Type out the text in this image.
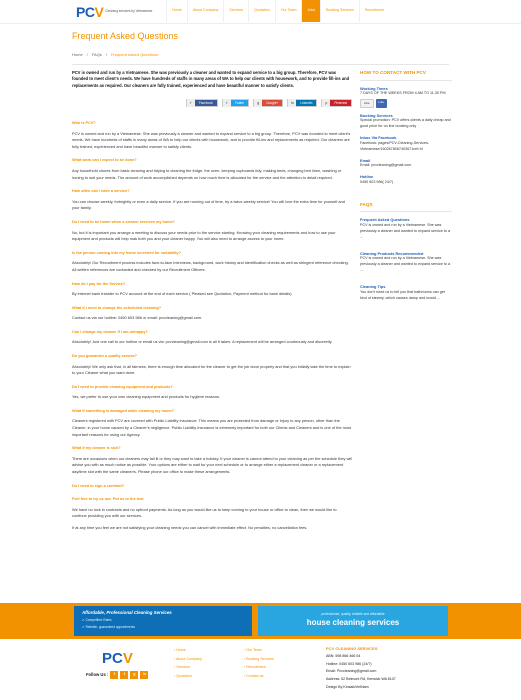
PCV Cleaning services by Vietnamese	Home	About Company	Services	Quotation	Our Team	Jobs	Booking Services	Recruitment
Frequent Asked Questions
Home / FAQs / Frequent Asked Questions

PCV is owned and run by a Vietnamese. She was previously a cleaner and wanted to expand service to a big group. Therefore, PCV was founded to meet client's needs. We have hundreds of staffs in many areas of WA to help our clients with housework, and to provide fill-ins and replacements as required. Our cleaners are fully trained, experienced and have beautiful manner to satisfy clients.

f	Facebook	t	Twitter	g	Google+	in	LinkedIn	p	Pinterest
Who is PCV?

PCV is owned and run by a Vietnamese. She was previously a cleaner and wanted to expand service to a big group. Therefore, PCV was founded to meet client's needs. We have hundreds of staffs in many areas of WA to help our clients with housework, and to provide fill-ins and replacements as required. Our cleaners are fully trained, experienced and have beautiful manner to satisfy clients.

What work can I expect to be done?

Any household chores from basic cleaning and tidying to cleaning the fridge, the oven, keeping cupboards tidy, making beds, changing bed linen, washing or ironing to suit your needs. The amount of work accomplished depends on how much time is allocated for the service and the attention to detail required.

How often can I have a service?

You can choose weekly, fortnightly or even a daily service. If you are running out of time, try a twice-weekly service! You will love the extra time for yourself and your family.

Do I need to be home when a cleaner services my home?

No, but it is important you arrange a meeting to discuss your needs prior to the service starting. Knowing your cleaning requirements and how to use your equipment and products will help mak both you and your cleaner happy. You will also need to arrange access to your home.

Is the person coming into my home screened for suitability?

Absolutely! Our Recruitment process includes face-to-face interviews, background, work history and identification checks as well as stringent reference checking. All written references are contacted and checked by our Recruitment Officers.

How do I pay for the Service?

By internet bank transfer to PCV account at the end of each service.( Pleased see Quotation- Payment method for bank details)

What if I need to change the scheduled cleaning?

Contact us via our hotline: 0450 603 986 or email: pcvcleaning@gmail.com.

Can I change my cleaner if I am unhappy?

Absolutely! Just one call to our hotline or email us via: pcvcleaning@gmail.com is all it takes. A replacement will be arranged courteously and discreetly.

Do you guarantee a quality service?

Absolutely! We only ask that, in all fairness, there is enough time allocated for the cleaner to get the job done properly and that you initially take the time to explain to your Cleaner what you want done.

Do I need to provide cleaning equipment and products?

Yes, we prefer to use your own cleaning equipment and products for hygiene reasons.

What if something is damaged while cleaning my home?

Cleaners registered with PCV are covered with Public Liability Insurance. This means you are protected from damage or injury to any person, other than the Cleaner, in your home caused by a Cleaner's negligence. Public Liability Insurance is extremely important for both our Clients and Cleaners and is one of the most important reasons for using our Agency.

What if my cleaner is sick?

There are occasions when our cleaners may fall ill or they may want to take a holiday. If your cleaner is cannot attend to your cleaning as per the schedule they will advise you with as much notice as possible. Your options are either to wait for your next schedule or to arrange either a replacement cleaner or a replacement day/time slot with the same cleaner/s. Please phone our office to make these arrangements.

Do I need to sign a contract?
Feel free to try us out. Put us to the test.

We have no lock in contracts and no upfront payments. As long as you would like us to keep coming to your house or office to clean, then we would like to continue providing you with our services.

If at any time you feel we are not satisfying your cleaning needs you can cancel with immediate effect. No penalties, no cancellation fees.

HOW TO CONTACT WITH PCV
Working Times
7 DAYS OF THE WEEKS FROM 4 AM TO 11.30 PM
Like	Like
Booking Services
Special promotion: PCV offers clients a daily cheap and good price for on line booking only
Inbox Via Facebook
Facebook: pages/PCV-Cleaning-Services-Vietnamese/1602678067403671ref=hl
Email
Email: pcvcleaning@gmail.com
Hotline
0450 603 986( 24/7)
FAQS
Frequent Asked Questions
PCV is owned and run by a Vietnamese. She was previously a cleaner and wanted to expand service to a ...
Cleaning Products Recommended
PCV is owned and run by a Vietnamese. She was previously a cleaner and wanted to expand service to a ...
Cleaning Tips
You don't need us to tell you that bathrooms can get kind of steamy, which causes damp and mould ...
Affordable, Professional Cleaning Services
✔ Competitive Rates
✔ Reliable, guaranteed appointments
professional, quality, reliable and affordable
house cleaning services
PCV
Follow Us :	f	t	g	in
› Home
› About Company
› Services
› Quotation
› Our Team
› Booking Services
› Recruitment
› Contact us
PCV CLEANING SERVICES
ABN: 598 866 466 54
Hotline: 0450 603 986 (24/7)
Email: Pcvcleaning@gmail.com
Address: 52 Belmont Rd, Kenwick WA 6107
Design By KinsakiVietNam
